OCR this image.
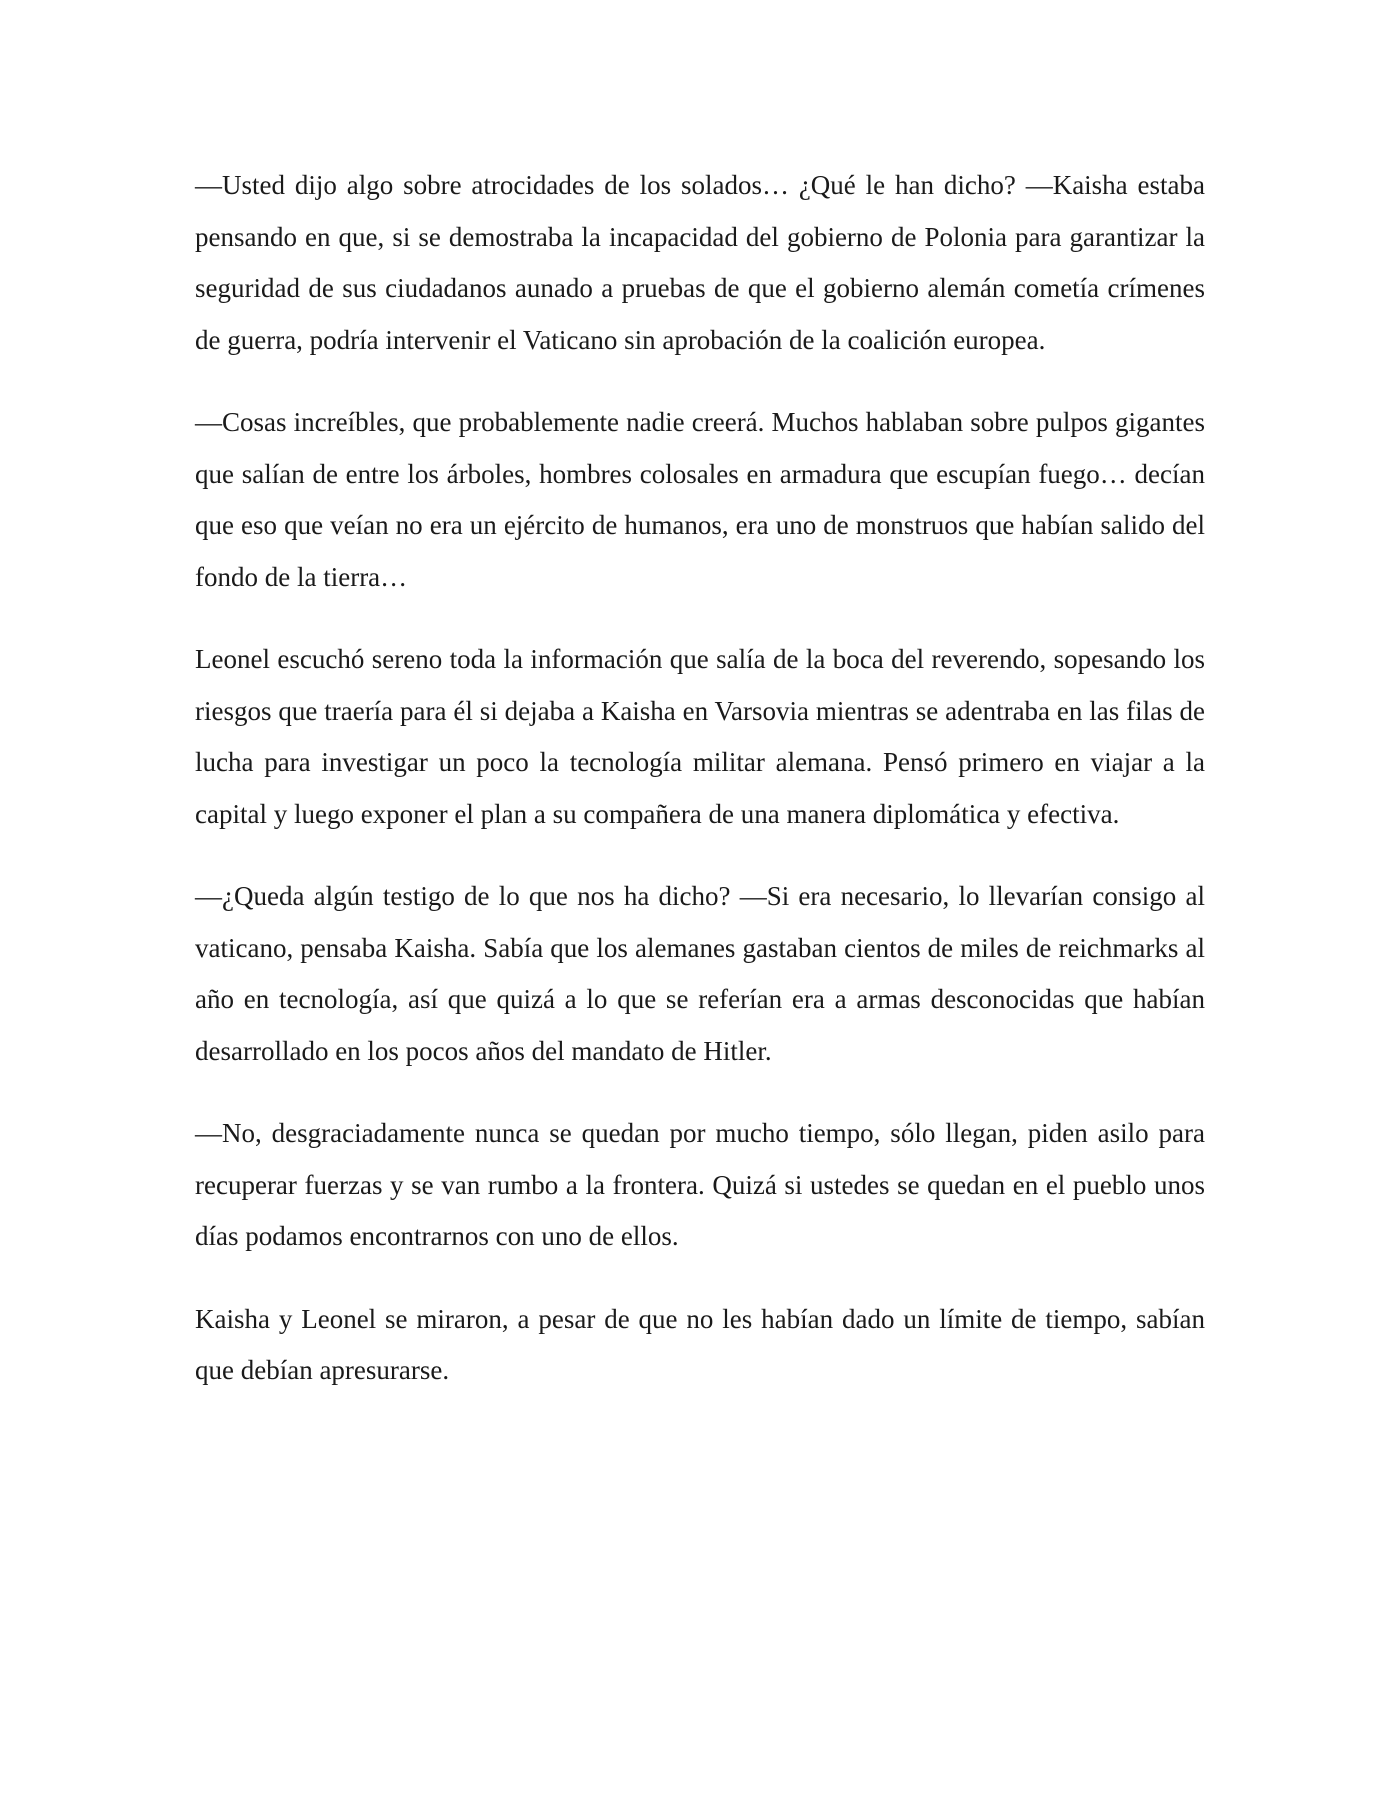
—Usted dijo algo sobre atrocidades de los solados… ¿Qué le han dicho? —Kaisha estaba pensando en que, si se demostraba la incapacidad del gobierno de Polonia para garantizar la seguridad de sus ciudadanos aunado a pruebas de que el gobierno alemán cometía crímenes de guerra, podría intervenir el Vaticano sin aprobación de la coalición europea.

—Cosas increíbles, que probablemente nadie creerá. Muchos hablaban sobre pulpos gigantes que salían de entre los árboles, hombres colosales en armadura que escupían fuego… decían que eso que veían no era un ejército de humanos, era uno de monstruos que habían salido del fondo de la tierra…

Leonel escuchó sereno toda la información que salía de la boca del reverendo, sopesando los riesgos que traería para él si dejaba a Kaisha en Varsovia mientras se adentraba en las filas de lucha para investigar un poco la tecnología militar alemana. Pensó primero en viajar a la capital y luego exponer el plan a su compañera de una manera diplomática y efectiva.

—¿Queda algún testigo de lo que nos ha dicho? —Si era necesario, lo llevarían consigo al vaticano, pensaba Kaisha. Sabía que los alemanes gastaban cientos de miles de reichmarks al año en tecnología, así que quizá a lo que se referían era a armas desconocidas que habían desarrollado en los pocos años del mandato de Hitler.

—No, desgraciadamente nunca se quedan por mucho tiempo, sólo llegan, piden asilo para recuperar fuerzas y se van rumbo a la frontera. Quizá si ustedes se quedan en el pueblo unos días podamos encontrarnos con uno de ellos.

Kaisha y Leonel se miraron, a pesar de que no les habían dado un límite de tiempo, sabían que debían apresurarse.
